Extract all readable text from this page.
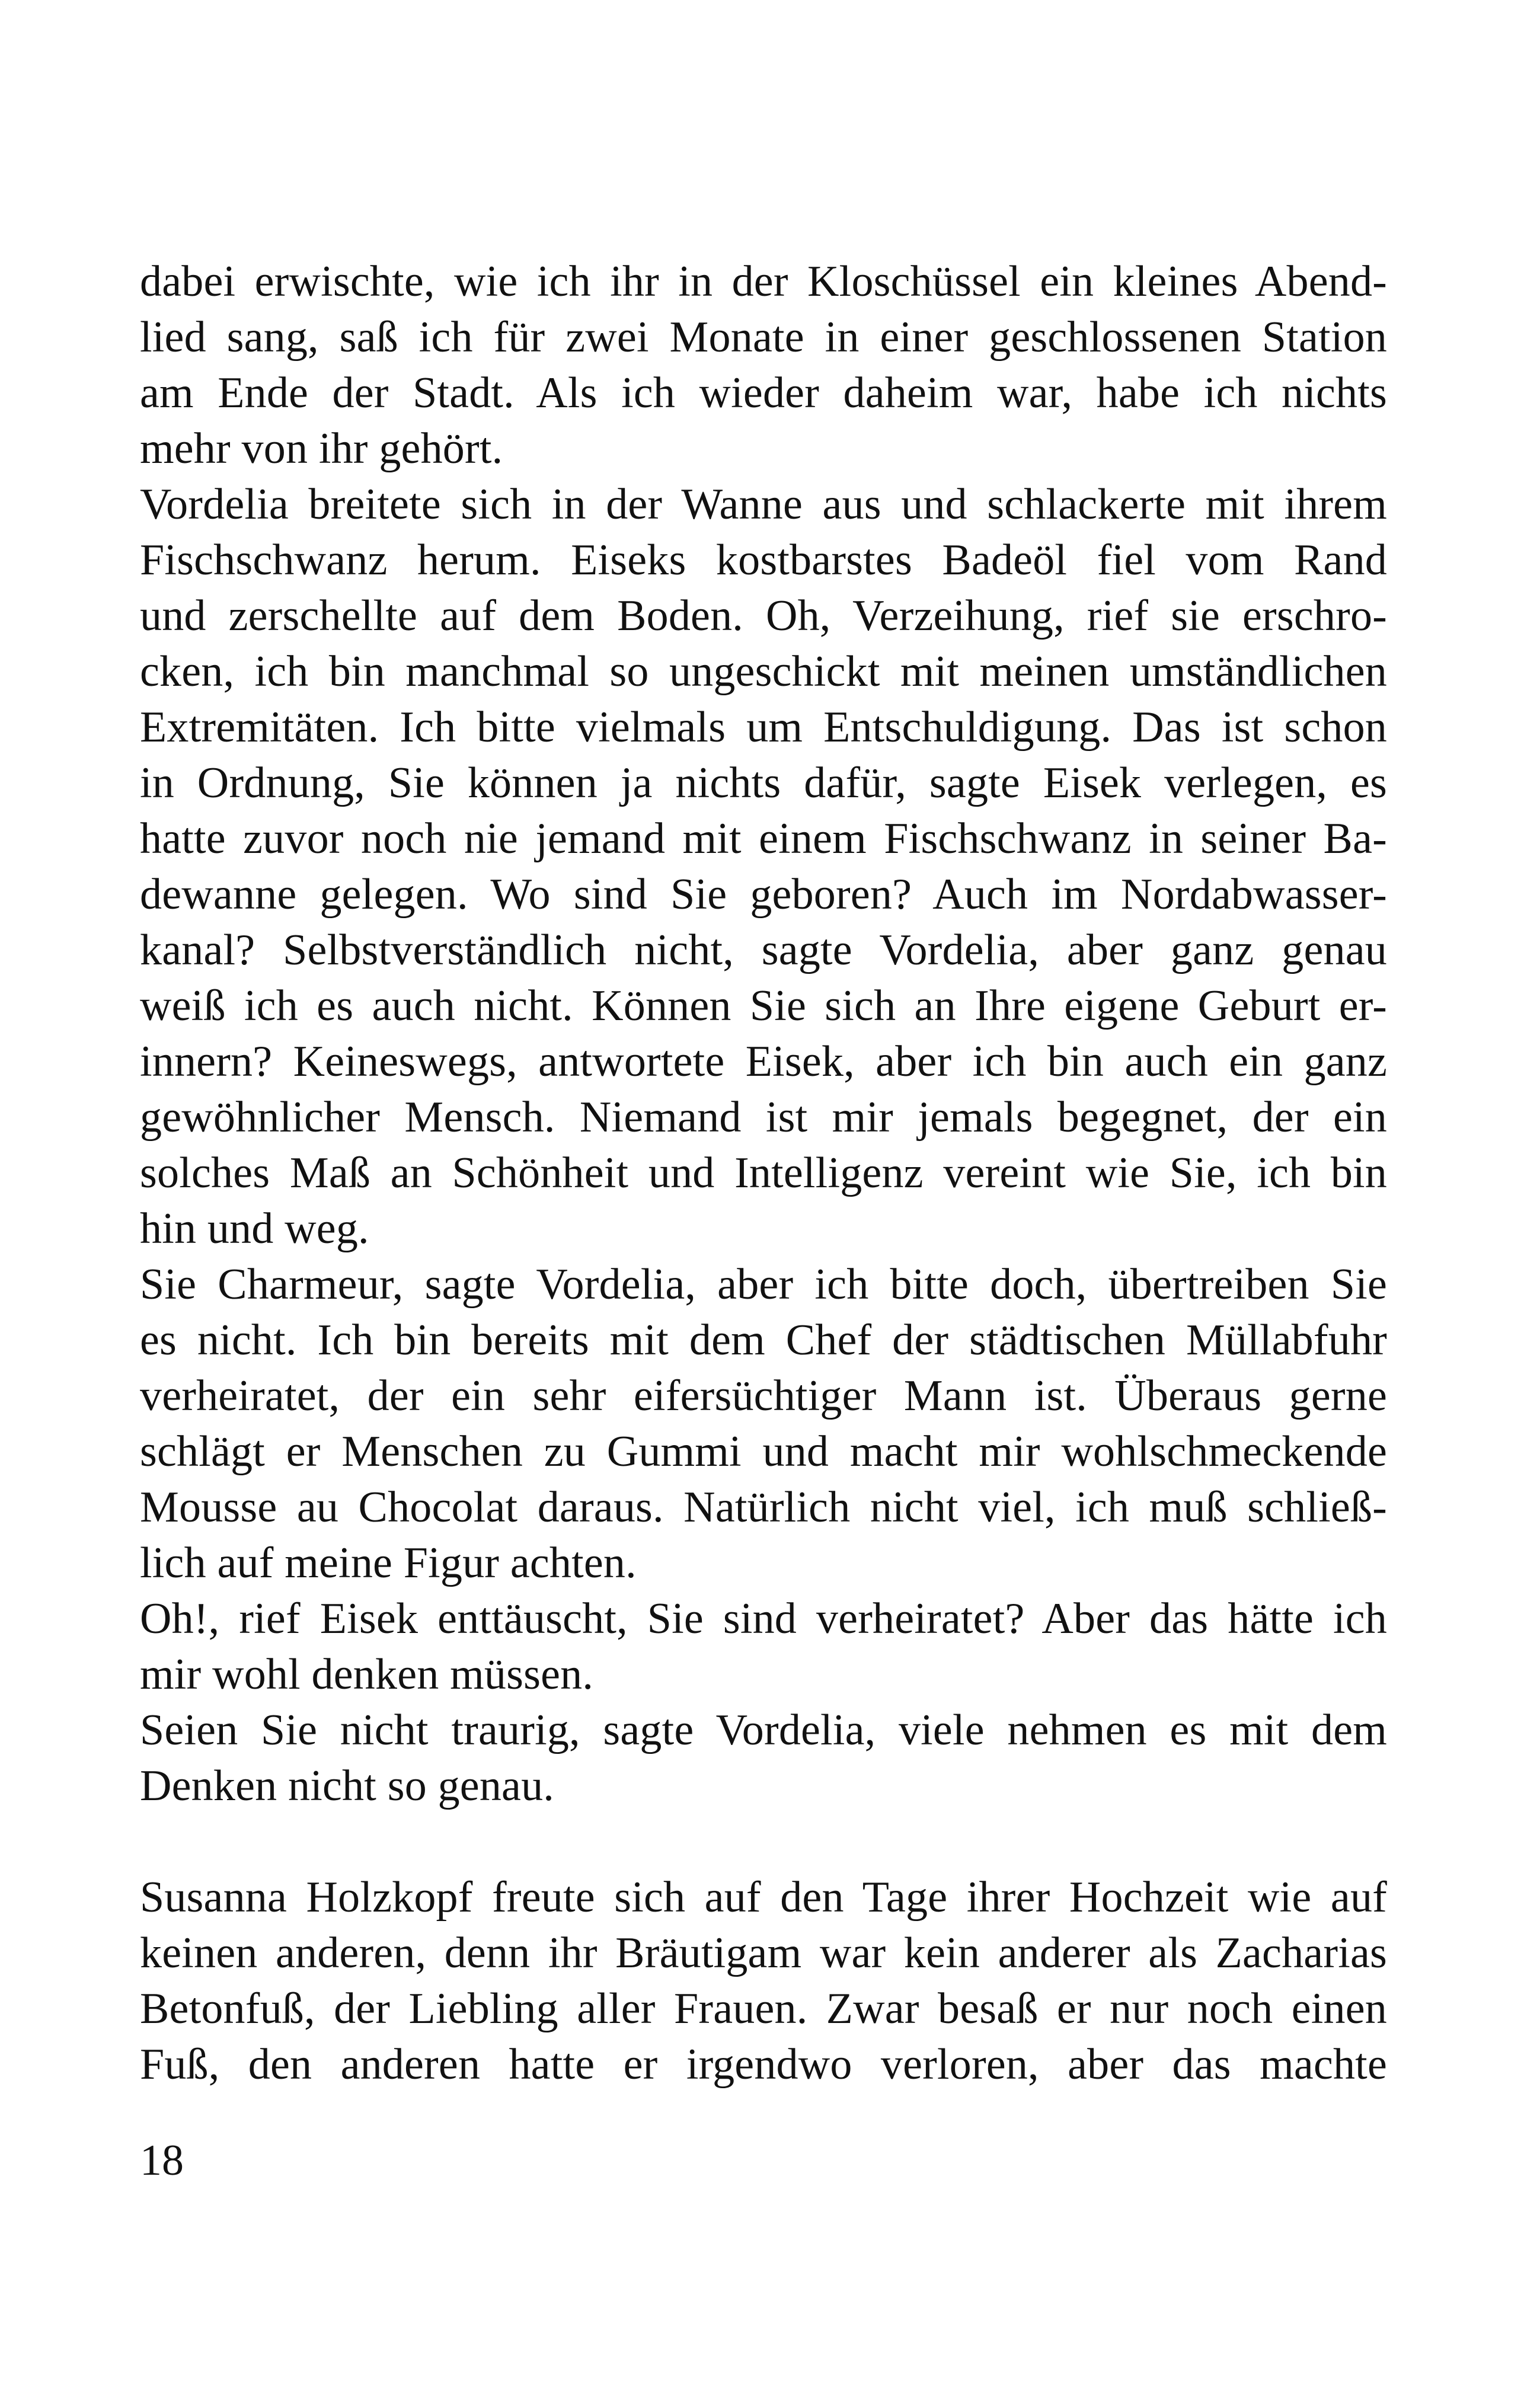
dabei erwischte, wie ich ihr in der Kloschüssel ein kleines Abend-
lied sang, saß ich für zwei Monate in einer geschlossenen Station
am Ende der Stadt. Als ich wieder daheim war, habe ich nichts
mehr von ihr gehört.

Vordelia breitete sich in der Wanne aus und schlackerte mit ihrem
Fischschwanz herum. Eiseks kostbarstes Badeöl fiel vom Rand
und zerschellte auf dem Boden. Oh, Verzeihung, rief sie erschro-
cken, ich bin manchmal so ungeschickt mit meinen umständlichen
Extremitäten. Ich bitte vielmals um Entschuldigung. Das ist schon
in Ordnung, Sie können ja nichts dafür, sagte Eisek verlegen, es
hatte zuvor noch nie jemand mit einem Fischschwanz in seiner Ba-
dewanne gelegen. Wo sind Sie geboren? Auch im Nordabwasser-
kanal? Selbstverständlich nicht, sagte Vordelia, aber ganz genau
weiß ich es auch nicht. Können Sie sich an Ihre eigene Geburt er-
innern? Keineswegs, antwortete Eisek, aber ich bin auch ein ganz
gewöhnlicher Mensch. Niemand ist mir jemals begegnet, der ein
solches Maß an Schönheit und Intelligenz vereint wie Sie, ich bin
hin und weg.

Sie Charmeur, sagte Vordelia, aber ich bitte doch, übertreiben Sie
es nicht. Ich bin bereits mit dem Chef der städtischen Müllabfuhr
verheiratet, der ein sehr eifersüchtiger Mann ist. Überaus gerne
schlägt er Menschen zu Gummi und macht mir wohlschmeckende
Mousse au Chocolat daraus. Natürlich nicht viel, ich muß schließ-
lich auf meine Figur achten.

Oh!, rief Eisek enttäuscht, Sie sind verheiratet? Aber das hätte ich
mir wohl denken müssen.

Seien Sie nicht traurig, sagte Vordelia, viele nehmen es mit dem
Denken nicht so genau.

Susanna Holzkopf freute sich auf den Tage ihrer Hochzeit wie auf
keinen anderen, denn ihr Bräutigam war kein anderer als Zacharias
Betonfuß, der Liebling aller Frauen. Zwar besaß er nur noch einen
Fuß, den anderen hatte er irgendwo verloren, aber das machte

18
